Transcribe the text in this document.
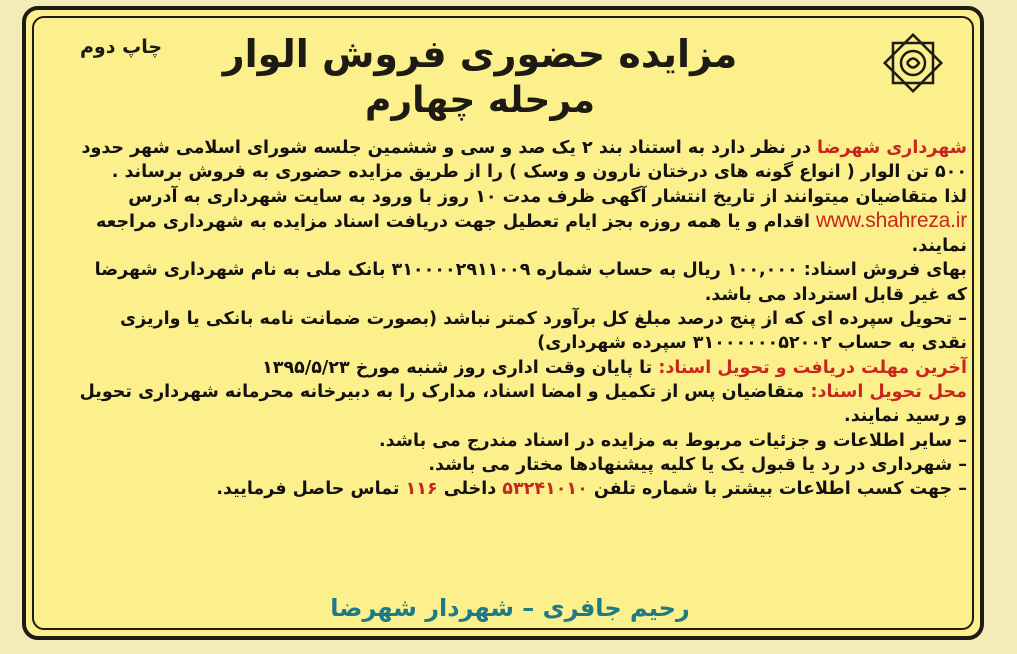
چاپ دوم	مزایده حضوری فروش الوار
مرحله چهارم

شهرداری شهرضا در نظر دارد به استناد بند ۲ یک صد و سی و ششمین جلسه شورای اسلامی شهر حدود ۵۰۰ تن الوار ( انواع گونه های درختان نارون و وسک ) را از طریق مزایده حضوری به فروش برساند .

لذا متقاضیان میتوانند از تاریخ انتشار آگهی ظرف مدت ۱۰ روز با ورود به سایت شهرداری به آدرس www.shahreza.ir اقدام و یا همه روزه بجز ایام تعطیل جهت دریافت اسناد مزایده به شهرداری مراجعه نمایند.

بهای فروش اسناد: ۱۰۰,۰۰۰ ریال به حساب شماره ۳۱۰۰۰۰۲۹۱۱۰۰۹ بانک ملی به نام شهرداری شهرضا که غیر قابل استرداد می باشد.

– تحویل سپرده ای که از پنج درصد مبلغ کل برآورد کمتر نباشد (بصورت ضمانت نامه بانکی یا واریزی نقدی به حساب ۳۱۰۰۰۰۰۰۵۲۰۰۲ سپرده شهرداری)

آخرین مهلت دریافت و تحویل اسناد: تا پایان وقت اداری روز شنبه مورخ ۱۳۹۵/۵/۲۳

محل تحویل اسناد: متقاضیان پس از تکمیل و امضا اسناد، مدارک را به دبیرخانه محرمانه شهرداری تحویل و رسید نمایند.

– سایر اطلاعات و جزئیات مربوط به مزایده در اسناد مندرج می باشد.

– شهرداری در رد یا قبول یک یا کلیه پیشنهادها مختار می باشد.

– جهت کسب اطلاعات بیشتر با شماره تلفن ۵۳۲۴۱۰۱۰ داخلی ۱۱۶ تماس حاصل فرمایید.

رحیم جافری – شهردار شهرضا
